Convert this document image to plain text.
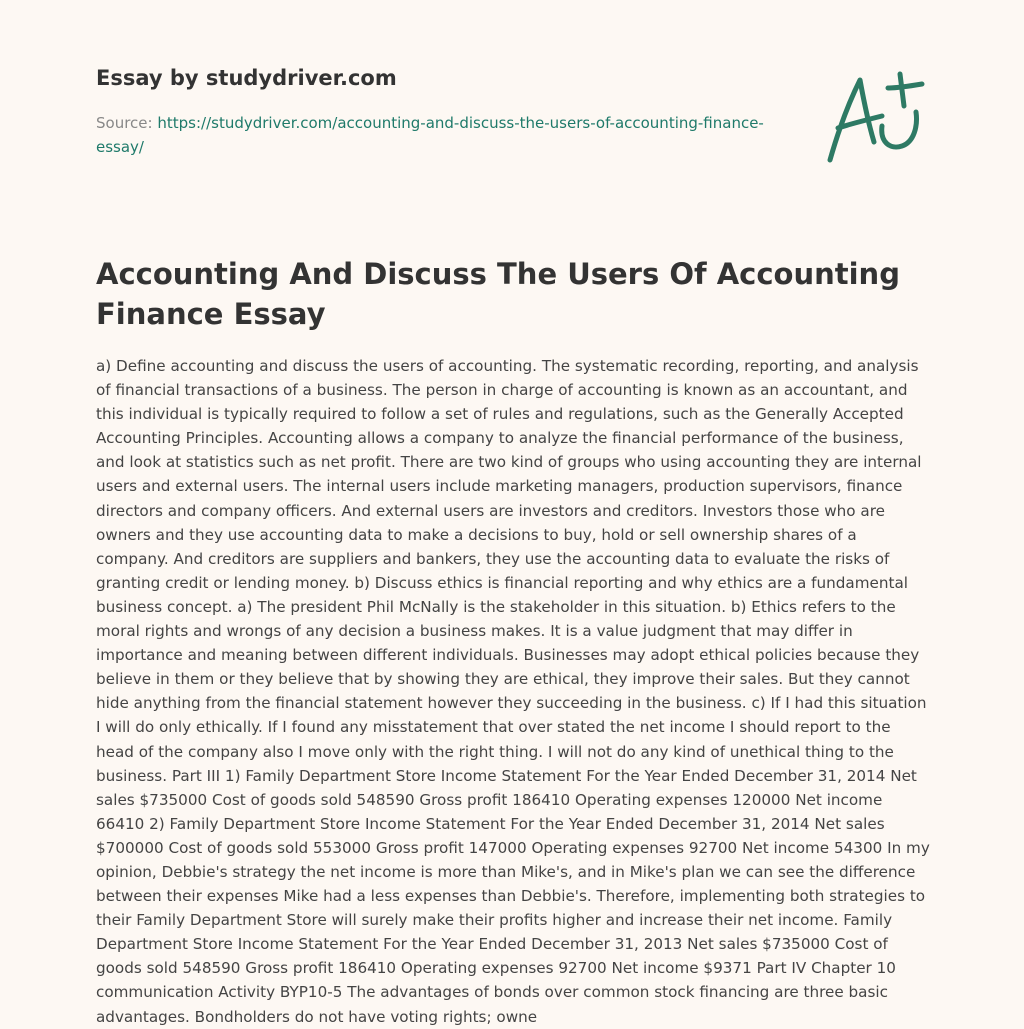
Essay by studydriver.com
Source: https://studydriver.com/accounting-and-discuss-the-users-of-accounting-finance-essay/
Accounting And Discuss The Users Of Accounting Finance Essay

a) Define accounting and discuss the users of accounting. The systematic recording, reporting, and analysis of financial transactions of a business. The person in charge of accounting is known as an accountant, and this individual is typically required to follow a set of rules and regulations, such as the Generally Accepted Accounting Principles. Accounting allows a company to analyze the financial performance of the business, and look at statistics such as net profit. There are two kind of groups who using accounting they are internal users and external users. The internal users include marketing managers, production supervisors, finance directors and company officers. And external users are investors and creditors. Investors those who are owners and they use accounting data to make a decisions to buy, hold or sell ownership shares of a company. And creditors are suppliers and bankers, they use the accounting data to evaluate the risks of granting credit or lending money. b) Discuss ethics is financial reporting and why ethics are a fundamental business concept. a) The president Phil McNally is the stakeholder in this situation. b) Ethics refers to the moral rights and wrongs of any decision a business makes. It is a value judgment that may differ in importance and meaning between different individuals. Businesses may adopt ethical policies because they believe in them or they believe that by showing they are ethical, they improve their sales. But they cannot hide anything from the financial statement however they succeeding in the business. c) If I had this situation I will do only ethically. If I found any misstatement that over stated the net income I should report to the head of the company also I move only with the right thing. I will not do any kind of unethical thing to the business. Part III 1) Family Department Store Income Statement For the Year Ended December 31, 2014 Net sales $735000 Cost of goods sold 548590 Gross profit 186410 Operating expenses 120000 Net income 66410 2) Family Department Store Income Statement For the Year Ended December 31, 2014 Net sales $700000 Cost of goods sold 553000 Gross profit 147000 Operating expenses 92700 Net income 54300 In my opinion, Debbie's strategy the net income is more than Mike's, and in Mike's plan we can see the difference between their expenses Mike had a less expenses than Debbie's. Therefore, implementing both strategies to their Family Department Store will surely make their profits higher and increase their net income. Family Department Store Income Statement For the Year Ended December 31, 2013 Net sales $735000 Cost of goods sold 548590 Gross profit 186410 Operating expenses 92700 Net income $9371 Part IV Chapter 10 communication Activity BYP10-5 The advantages of bonds over common stock financing are three basic advantages. Bondholders do not have voting rights; owne
